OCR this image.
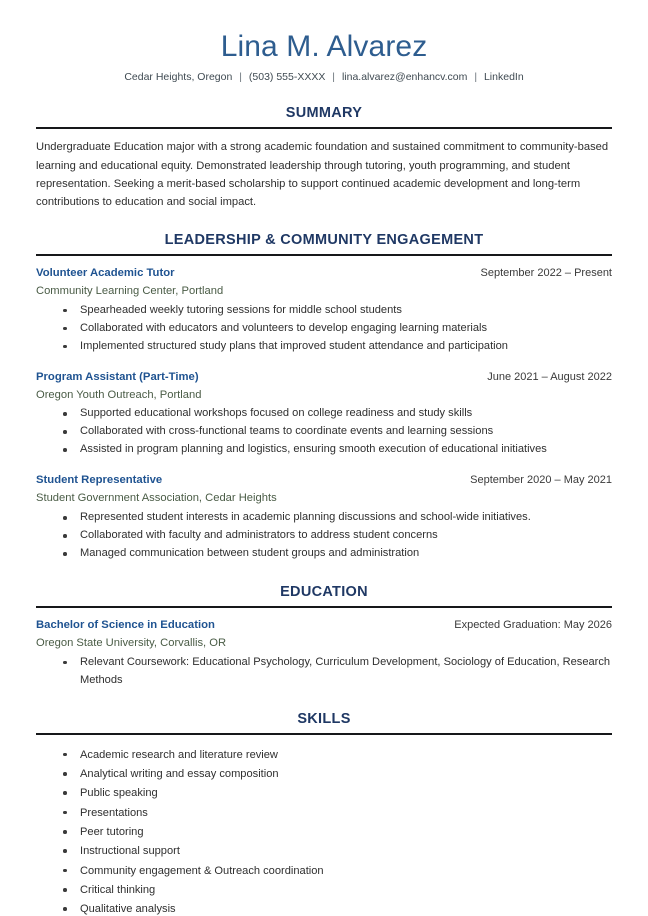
Lina M. Alvarez
Cedar Heights, Oregon | (503) 555-XXXX | lina.alvarez@enhancv.com | LinkedIn
SUMMARY

Undergraduate Education major with a strong academic foundation and sustained commitment to community-based learning and educational equity. Demonstrated leadership through tutoring, youth programming, and student representation. Seeking a merit-based scholarship to support continued academic development and long-term contributions to education and social impact.

LEADERSHIP & COMMUNITY ENGAGEMENT
Volunteer Academic Tutor	September 2022 – Present
Community Learning Center, Portland
Spearheaded weekly tutoring sessions for middle school students
Collaborated with educators and volunteers to develop engaging learning materials
Implemented structured study plans that improved student attendance and participation
Program Assistant (Part-Time)	June 2021 – August 2022
Oregon Youth Outreach, Portland
Supported educational workshops focused on college readiness and study skills
Collaborated with cross-functional teams to coordinate events and learning sessions
Assisted in program planning and logistics, ensuring smooth execution of educational initiatives
Student Representative	September 2020 – May 2021
Student Government Association, Cedar Heights
Represented student interests in academic planning discussions and school-wide initiatives.
Collaborated with faculty and administrators to address student concerns
Managed communication between student groups and administration
EDUCATION
Bachelor of Science in Education	Expected Graduation: May 2026
Oregon State University, Corvallis, OR
Relevant Coursework: Educational Psychology, Curriculum Development, Sociology of Education, Research Methods
SKILLS
Academic research and literature review
Analytical writing and essay composition
Public speaking
Presentations
Peer tutoring
Instructional support
Community engagement & Outreach coordination
Critical thinking
Qualitative analysis
